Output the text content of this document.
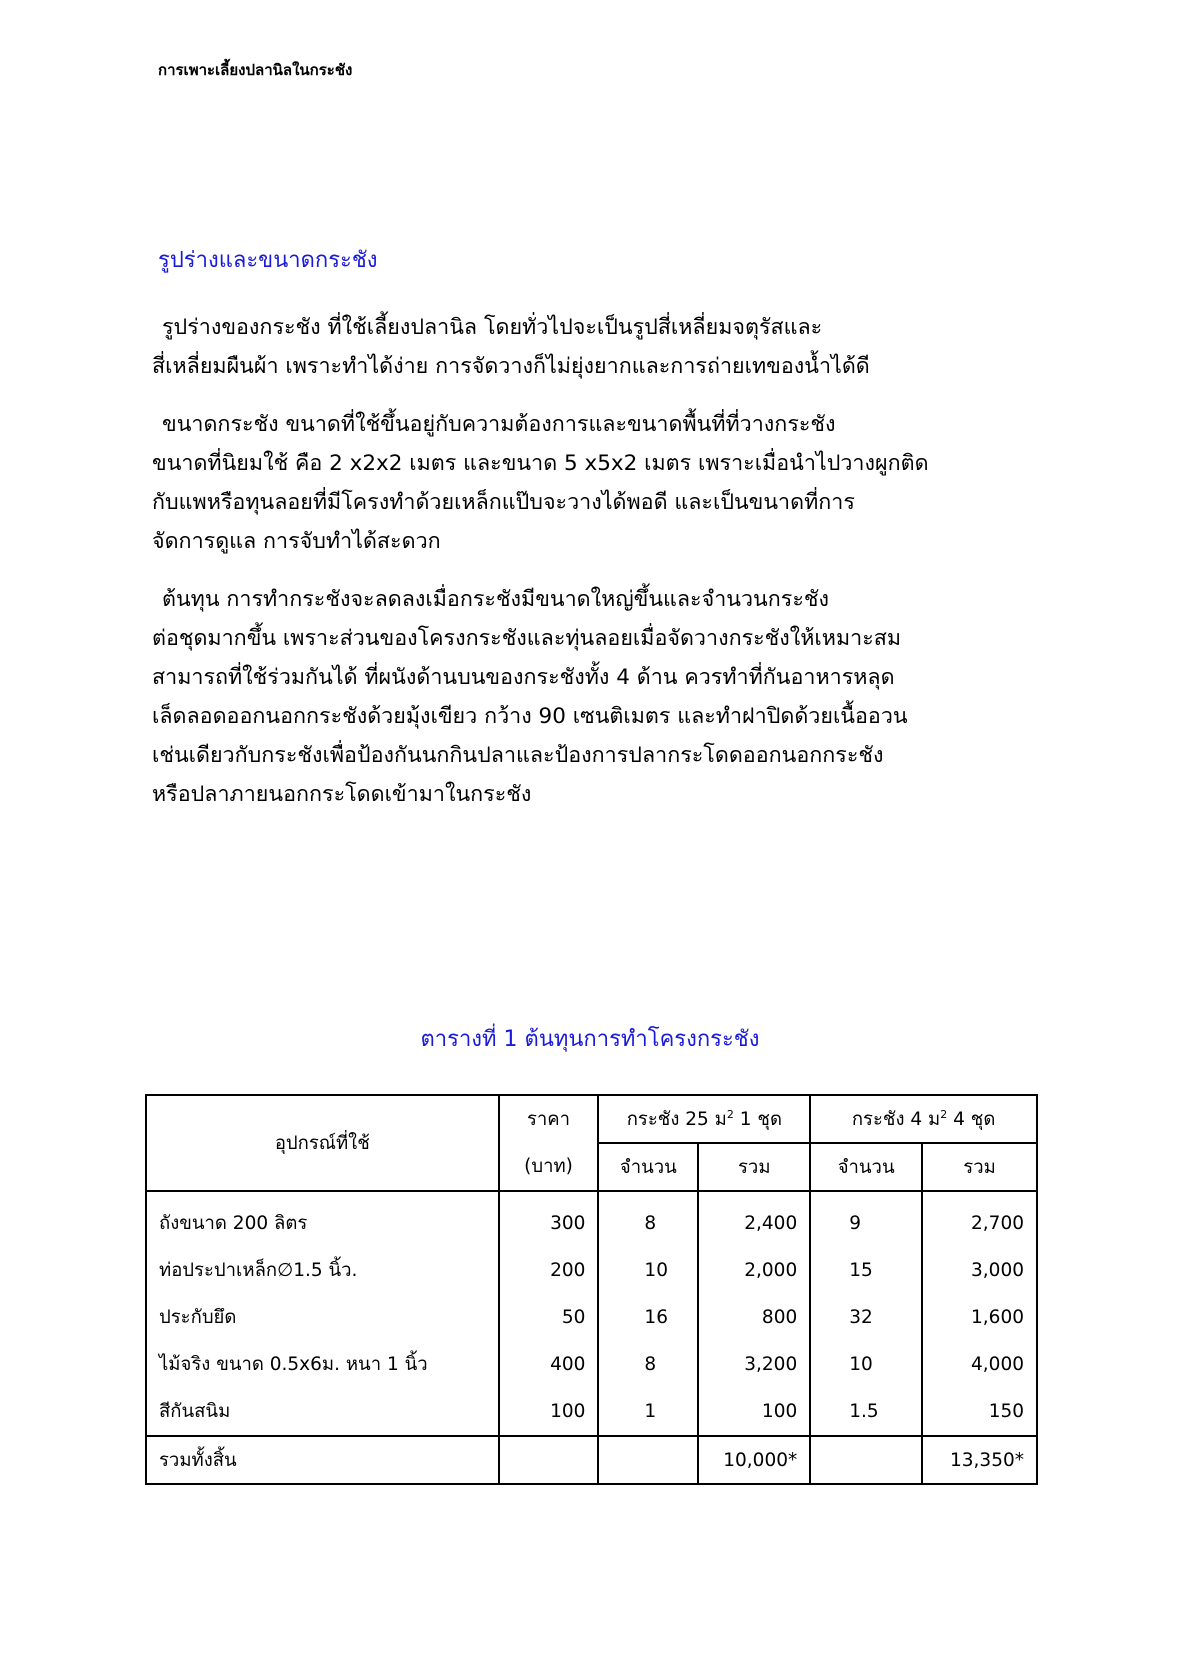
การเพาะเลี้ยงปลานิลในกระชัง
รูปร่างและขนาดกระชัง

รูปร่างของกระชัง ที่ใช้เลี้ยงปลานิล โดยทั่วไปจะเป็นรูปสี่เหลี่ยมจตุรัสและ
สี่เหลี่ยมผืนผ้า เพราะทำได้ง่าย การจัดวางก็ไม่ยุ่งยากและการถ่ายเทของน้ำได้ดี

ขนาดกระชัง ขนาดที่ใช้ขึ้นอยู่กับความต้องการและขนาดพื้นที่ที่วางกระชัง
ขนาดที่นิยมใช้ คือ 2 x2x2 เมตร และขนาด 5 x5x2 เมตร เพราะเมื่อนำไปวางผูกติด
กับแพหรือทุนลอยที่มีโครงทำด้วยเหล็กแป๊บจะวางได้พอดี และเป็นขนาดที่การ
จัดการดูแล การจับทำได้สะดวก

ต้นทุน การทำกระชังจะลดลงเมื่อกระชังมีขนาดใหญ่ขึ้นและจำนวนกระชัง
ต่อชุดมากขึ้น เพราะส่วนของโครงกระชังและทุ่นลอยเมื่อจัดวางกระชังให้เหมาะสม
สามารถที่ใช้ร่วมกันได้ ที่ผนังด้านบนของกระชังทั้ง 4 ด้าน ควรทำที่กันอาหารหลุด
เล็ดลอดออกนอกกระชังด้วยมุ้งเขียว กว้าง 90 เซนติเมตร และทำฝาปิดด้วยเนื้ออวน
เช่นเดียวกับกระชังเพื่อป้องกันนกกินปลาและป้องการปลากระโดดออกนอกกระชัง
หรือปลาภายนอกกระโดดเข้ามาในกระชัง

ตารางที่ 1 ต้นทุนการทำโครงกระชัง
อุปกรณ์ที่ใช้	ราคา	กระชัง 25 ม$^2$ 1 ชุด		กระชัง 4 ม$^2$ 4 ชุด	
	(บาท)	จำนวน	รวม	จำนวน	รวม
ถังขนาด 200 ลิตร	300	8	2,400	9	2,700
ท่อประปาเหล็ก∅1.5 นิ้ว.	200	10	2,000	15	3,000
ประกับยึด	50	16	800	32	1,600
ไม้จริง ขนาด 0.5x6ม. หนา 1 นิ้ว	400	8	3,200	10	4,000
สีกันสนิม	100	1	100	1.5	150
รวมทั้งสิ้น			10,000*		13,350*
